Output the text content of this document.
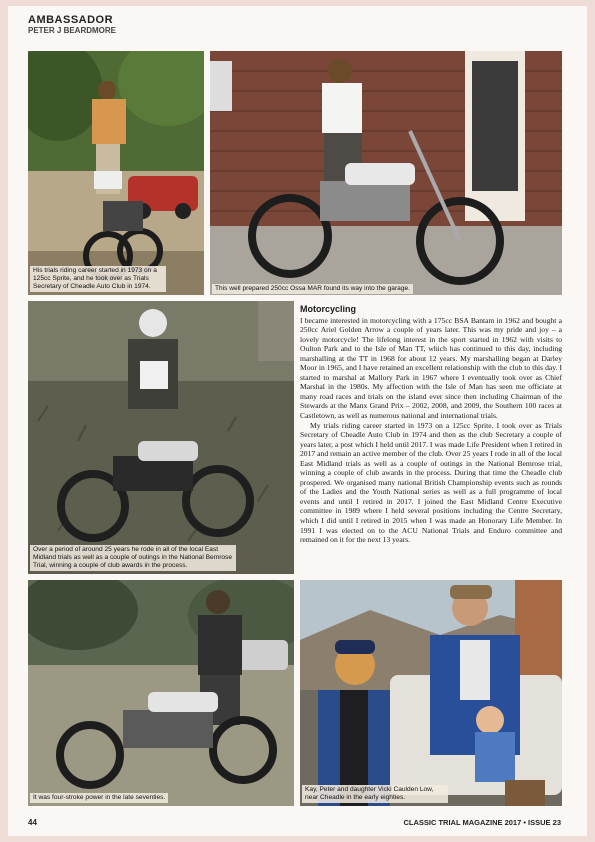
AMBASSADOR
PETER J BEARDMORE
His trials riding career started in 1973 on a 125cc Sprite, and he took over as Trials Secretary of Cheadle Auto Club in 1974.	This well prepared 250cc Ossa MAR found its way into the garage.
Over a period of around 25 years he rode in all of the local East Midland trials as well as a couple of outings in the National Bemrose Trial, winning a couple of club awards in the process.
It was four-stroke power in the late seventies.
Kay, Peter and daughter Vicki Caulden Low, near Cheadle in the early eighties.
Motorcycling

I became interested in motorcycling with a 175cc BSA Bantam in 1962 and bought a 250cc Ariel Golden Arrow a couple of years later. This was my pride and joy – a lovely motorcycle! The lifelong interest in the sport started in 1962 with visits to Oulton Park and to the Isle of Man TT, which has continued to this day, including marshalling at the TT in 1968 for about 12 years. My marshalling began at Darley Moor in 1965, and I have retained an excellent relationship with the club to this day. I started to marshal at Mallory Park in 1967 where I eventually took over as Chief Marshal in the 1980s. My affection with the Isle of Man has seen me officiate at many road races and trials on the island ever since then including Chairman of the Stewards at the Manx Grand Prix – 2002, 2008, and 2009, the Southern 100 races at Castletown, as well as numerous national and international trials.

My trials riding career started in 1973 on a 125cc Sprite. I took over as Trials Secretary of Cheadle Auto Club in 1974 and then as the club Secretary a couple of years later, a post which I held until 2017. I was made Life President when I retired in 2017 and remain an active member of the club. Over 25 years I rode in all of the local East Midland trials as well as a couple of outings in the National Bemrose trial, winning a couple of club awards in the process. During that time the Cheadle club prospered. We organised many national British Championship events such as rounds of the Ladies and the Youth National series as well as a full programme of local events and until I retired in 2017. I joined the East Midland Centre Executive committee in 1989 where I held several positions including the Centre Secretary, which I did until I retired in 2015 when I was made an Honorary Life Member. In 1991 I was elected on to the ACU National Trials and Enduro committee and remained on it for the next 13 years.

44	CLASSIC TRIAL MAGAZINE 2017 • ISSUE 23
